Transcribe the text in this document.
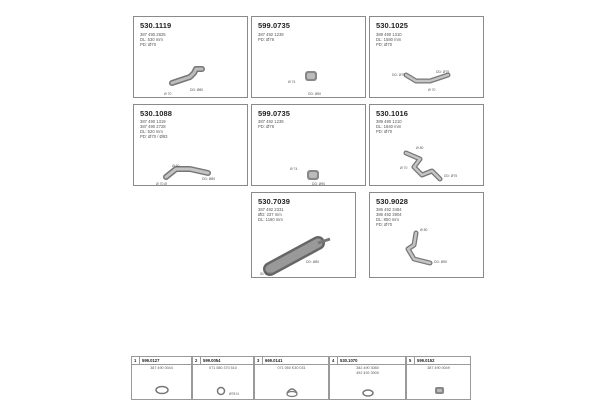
530.1119
387 490.2825
DL: 530 mm
PD: Ø70
Ø 70
DD: Ø80
599.0735
387 492 1239
PD: Ø76
Ø 74
DD: Ø90
530.1025
389 490 1310
DL: 1580 mm
PD: Ø70
DD: Ø75
Ø 70
DD: Ø75
530.1088
387 490 1319
387 490 2728
DL: 520 mm
PD: Ø70 / Ø83
Ø 60
Ø 70 Ø
DD: Ø80
599.0735
387 492 1239
PD: Ø76
Ø 74
DD: Ø90
530.1016
389 490 1210
DL: 1840 mm
PD: Ø70
Ø 80
Ø 70
DD: Ø75
530.7039
387 492 2331
ØD: 237 mm
DL: 1160 mm
ID: Ø77
DD: Ø80
530.9028
386 492 3484
386 492 3904
DL: 850 mm
PD: Ø70
Ø 80
DD: Ø90
1 599.0127
387 490 0044
2 599.0054
071 580 370 510
Ø78 N
3 669.0141
071 050 K30 031
4 530.1070
382 490 3080
492 492 3000
5 599.0152
387 490 0049
